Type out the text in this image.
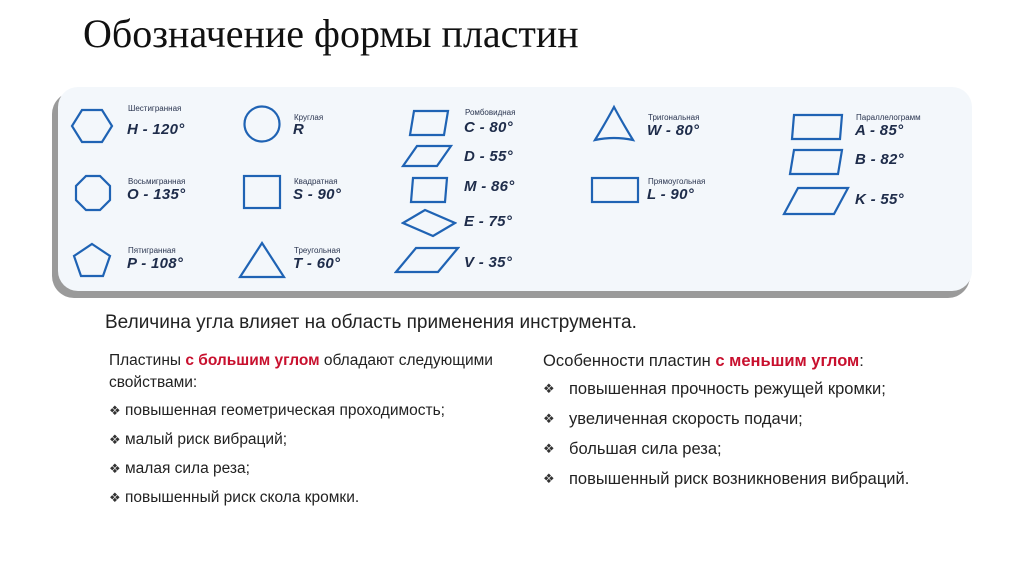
Обозначение формы пластин
Шестигранная
H - 120°
Восьмигранная
O - 135°
Пятигранная
P - 108°
Круглая
R
Квадратная
S - 90°
Треугольная
T - 60°
Ромбовидная
C - 80°
D - 55°
M - 86°
E - 75°
V - 35°
Тригональная
W - 80°
Прямоугольная
L - 90°
Параллелограмм
A - 85°
B - 82°
K - 55°
Величина угла влияет на область применения инструмента.
Пластины с большим углом обладают следующими свойствами:
❖ повышенная геометрическая проходимость;
❖ малый риск вибраций;
❖ малая сила реза;
❖ повышенный риск скола кромки.
Особенности пластин с меньшим углом:
❖ повышенная прочность режущей кромки;
❖ увеличенная скорость подачи;
❖ большая сила реза;
❖ повышенный риск возникновения вибраций.
